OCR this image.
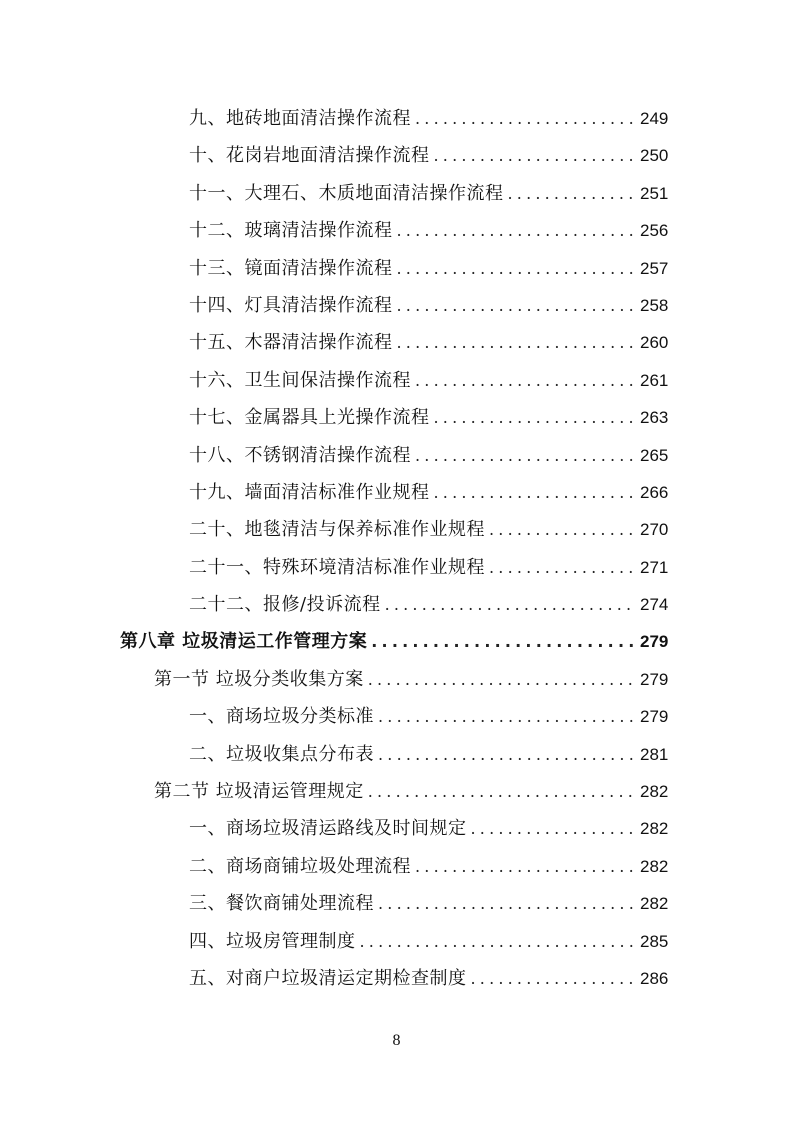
九、地砖地面清洁操作流程 .....	249
十、花岗岩地面清洁操作流程 .....	250
十一、大理石、木质地面清洁操作流程 .....	251
十二、玻璃清洁操作流程 .....	256
十三、镜面清洁操作流程 .....	257
十四、灯具清洁操作流程 .....	258
十五、木器清洁操作流程 .....	260
十六、卫生间保洁操作流程 .....	261
十七、金属器具上光操作流程 .....	263
十八、不锈钢清洁操作流程 .....	265
十九、墙面清洁标准作业规程 .....	266
二十、地毯清洁与保养标准作业规程 .....	270
二十一、特殊环境清洁标准作业规程 .....	271
二十二、报修/投诉流程 .....	274
第八章 垃圾清运工作管理方案 .....	279
第一节 垃圾分类收集方案 .....	279
一、商场垃圾分类标准 .....	279
二、垃圾收集点分布表 .....	281
第二节 垃圾清运管理规定 .....	282
一、商场垃圾清运路线及时间规定 .....	282
二、商场商铺垃圾处理流程 .....	282
三、餐饮商铺处理流程 .....	282
四、垃圾房管理制度 .....	285
五、对商户垃圾清运定期检查制度 .....	286
8
